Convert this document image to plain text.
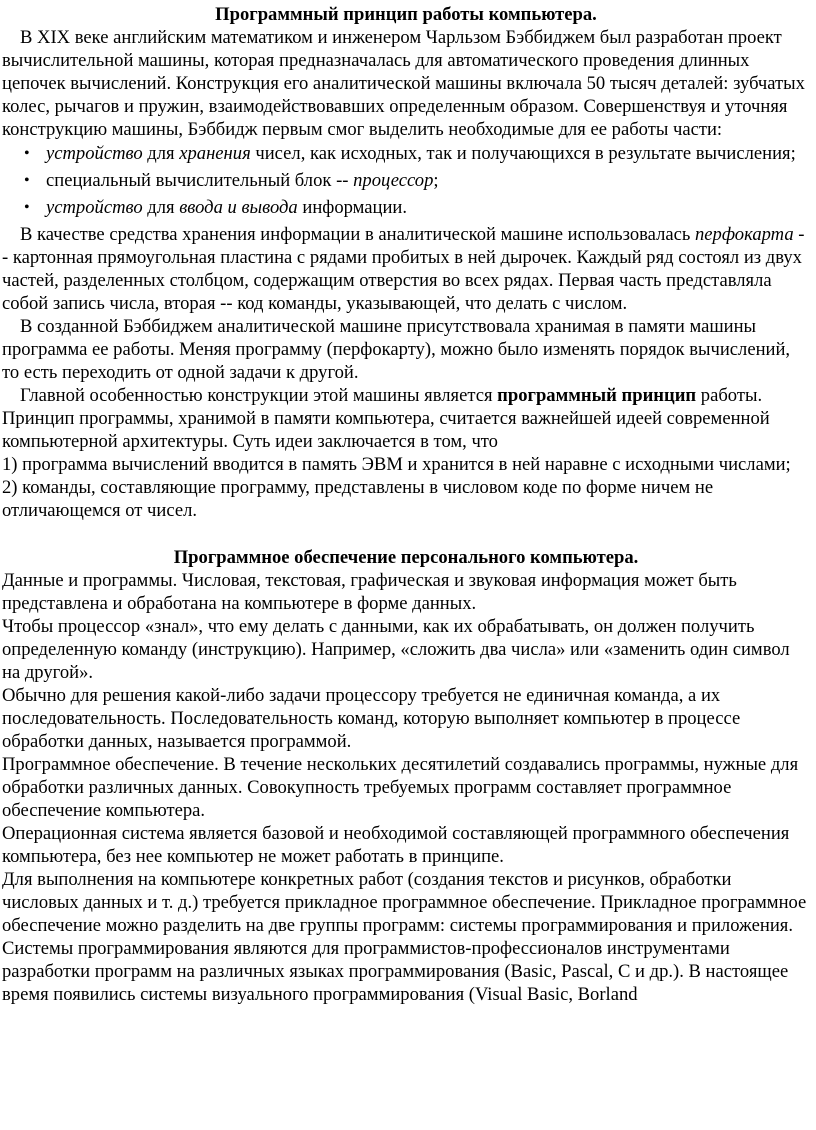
Программный принцип работы компьютера.

В XIX веке английским математиком и инженером Чарльзом Бэббиджем был разработан проект вычислительной машины, которая предназначалась для автоматического проведения длинных цепочек вычислений. Конструкция его аналитической машины включала 50 тысяч деталей: зубчатых колес, рычагов и пружин, взаимодействовавших определенным образом. Совершенствуя и уточняя конструкцию машины, Бэббидж первым смог выделить необходимые для ее работы части:

• устройство для хранения чисел, как исходных, так и получающихся в результате вычисления;
• специальный вычислительный блок -- процессор;
• устройство для ввода и вывода информации.

В качестве средства хранения информации в аналитической машине использовалась перфокарта -- картонная прямоугольная пластина с рядами пробитых в ней дырочек. Каждый ряд состоял из двух частей, разделенных столбцом, содержащим отверстия во всех рядах. Первая часть представляла собой запись числа, вторая -- код команды, указывающей, что делать с числом.

В созданной Бэббиджем аналитической машине присутствовала хранимая в памяти машины программа ее работы. Меняя программу (перфокарту), можно было изменять порядок вычислений, то есть переходить от одной задачи к другой.

Главной особенностью конструкции этой машины является программный принцип работы. Принцип программы, хранимой в памяти компьютера, считается важнейшей идеей современной компьютерной архитектуры. Суть идеи заключается в том, что

1) программа вычислений вводится в память ЭВМ и хранится в ней наравне с исходными числами;

2) команды, составляющие программу, представлены в числовом коде по форме ничем не отличающемся от чисел.

Программное обеспечение персонального компьютера.

Данные и программы. Числовая, текстовая, графическая и звуковая информация может быть представлена и обработана на компьютере в форме данных.

Чтобы процессор «знал», что ему делать с данными, как их обрабатывать, он должен получить определенную команду (инструкцию). Например, «сложить два числа» или «заменить один символ на другой».

Обычно для решения какой-либо задачи процессору требуется не единичная команда, а их последовательность. Последовательность команд, которую выполняет компьютер в процессе обработки данных, называется программой.

Программное обеспечение. В течение нескольких десятилетий создавались программы, нужные для обработки различных данных. Совокупность требуемых программ составляет программное обеспечение компьютера.

Операционная система является базовой и необходимой составляющей программного обеспечения компьютера, без нее компьютер не может работать в принципе.

Для выполнения на компьютере конкретных работ (создания текстов и рисунков, обработки числовых данных и т. д.) требуется прикладное программное обеспечение. Прикладное программное обеспечение можно разделить на две группы программ: системы программирования и приложения.

Системы программирования являются для программистов-профессионалов инструментами разработки программ на различных языках программирования (Basic, Pascal, С и др.). В настоящее время появились системы визуального программирования (Visual Basic, Borland
